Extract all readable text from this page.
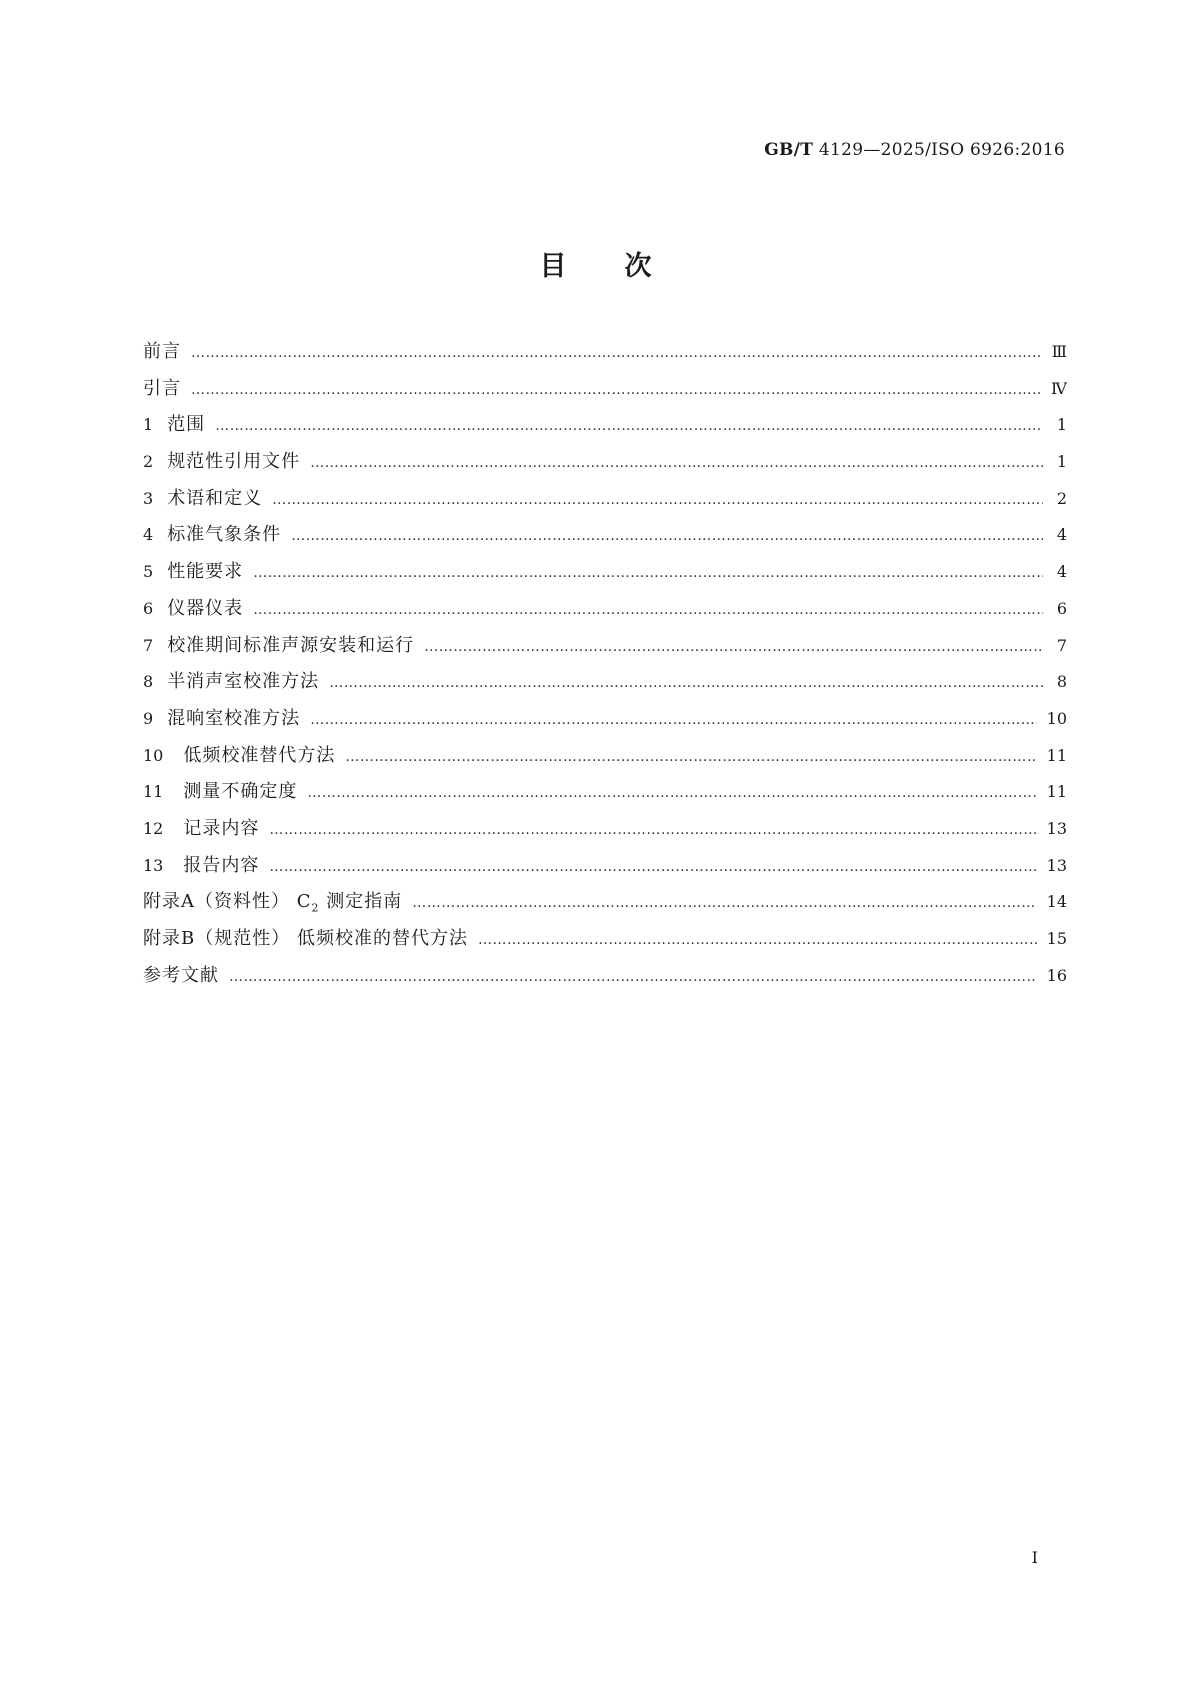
GB/T 4129—2025/ISO 6926:2016
目次
前言 ……………………………………………………………………………………………………………………………………………………………………………………………………………………………………	Ⅲ
引言 ……………………………………………………………………………………………………………………………………………………………………………………………………………………………………	Ⅳ
1 范围 ……………………………………………………………………………………………………………………………………………………………………………………………………………………………………	1
2 规范性引用文件 ……………………………………………………………………………………………………………………………………………………………………………………………………………………………………	1
3 术语和定义 ……………………………………………………………………………………………………………………………………………………………………………………………………………………………………	2
4 标准气象条件 ……………………………………………………………………………………………………………………………………………………………………………………………………………………………………	4
5 性能要求 ……………………………………………………………………………………………………………………………………………………………………………………………………………………………………	4
6 仪器仪表 ……………………………………………………………………………………………………………………………………………………………………………………………………………………………………	6
7 校准期间标准声源安装和运行 ……………………………………………………………………………………………………………………………………………………………………………………………………………………………………	7
8 半消声室校准方法 ……………………………………………………………………………………………………………………………………………………………………………………………………………………………………	8
9 混响室校准方法 ……………………………………………………………………………………………………………………………………………………………………………………………………………………………………	10
10 低频校准替代方法 ……………………………………………………………………………………………………………………………………………………………………………………………………………………………………	11
11 测量不确定度 ……………………………………………………………………………………………………………………………………………………………………………………………………………………………………	11
12 记录内容 ……………………………………………………………………………………………………………………………………………………………………………………………………………………………………	13
13 报告内容 ……………………………………………………………………………………………………………………………………………………………………………………………………………………………………	13
附录A（资料性） $C_2$ 测定指南 ……………………………………………………………………………………………………………………………………………………………………………………………………………………………………	14
附录B（规范性） 低频校准的替代方法 ……………………………………………………………………………………………………………………………………………………………………………………………………………………………………	15
参考文献 ……………………………………………………………………………………………………………………………………………………………………………………………………………………………………	16
Ⅰ
